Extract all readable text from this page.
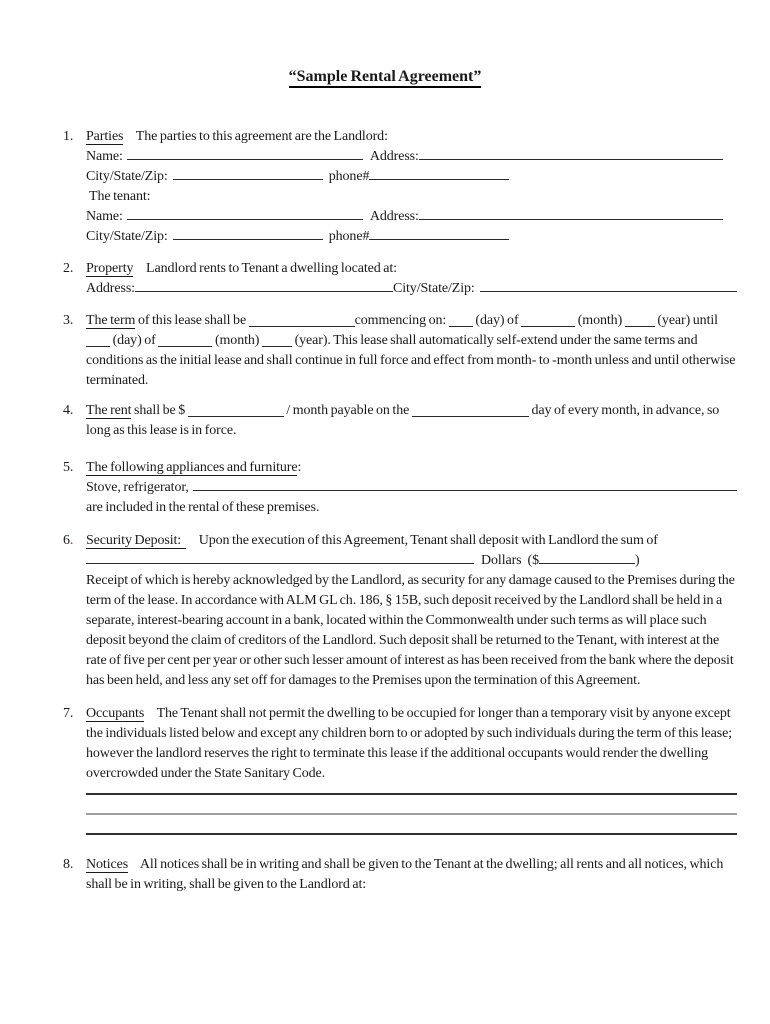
“Sample Rental Agreement”
1. Parties The parties to this agreement are the Landlord:

Name:	Address:
City/State/Zip:	phone#

The tenant:

Name:	Address:
City/State/Zip:	phone#
2. Property Landlord rents to Tenant a dwelling located at:

Address:	City/State/Zip:
3. The term of this lease shall be	commencing on: (day) of	(month)	(year) until  (day) of	(month)	(year). This lease shall automatically self-extend under the same terms and conditions as the initial lease and shall continue in full force and effect from month- to -month unless and until otherwise terminated.

4. The rent shall be $	/ month payable on the	day of every month, in advance, so long as this lease is in force.

5. The following appliances and furniture:

Stove, refrigerator,

are included in the rental of these premises.

6. Security Deposit: Upon the execution of this Agreement, Tenant shall deposit with Landlord the sum of

Dollars ($	)

Receipt of which is hereby acknowledged by the Landlord, as security for any damage caused to the Premises during the term of the lease. In accordance with ALM GL ch. 186, § 15B, such deposit received by the Landlord shall be held in a separate, interest-bearing account in a bank, located within the Commonwealth under such terms as will place such deposit beyond the claim of creditors of the Landlord. Such deposit shall be returned to the Tenant, with interest at the rate of five per cent per year or other such lesser amount of interest as has been received from the bank where the deposit has been held, and less any set off for damages to the Premises upon the termination of this Agreement.

7. Occupants The Tenant shall not permit the dwelling to be occupied for longer than a temporary visit by anyone except the individuals listed below and except any children born to or adopted by such individuals during the term of this lease; however the landlord reserves the right to terminate this lease if the additional occupants would render the dwelling overcrowded under the State Sanitary Code.

8. Notices All notices shall be in writing and shall be given to the Tenant at the dwelling; all rents and all notices, which shall be in writing, shall be given to the Landlord at:
